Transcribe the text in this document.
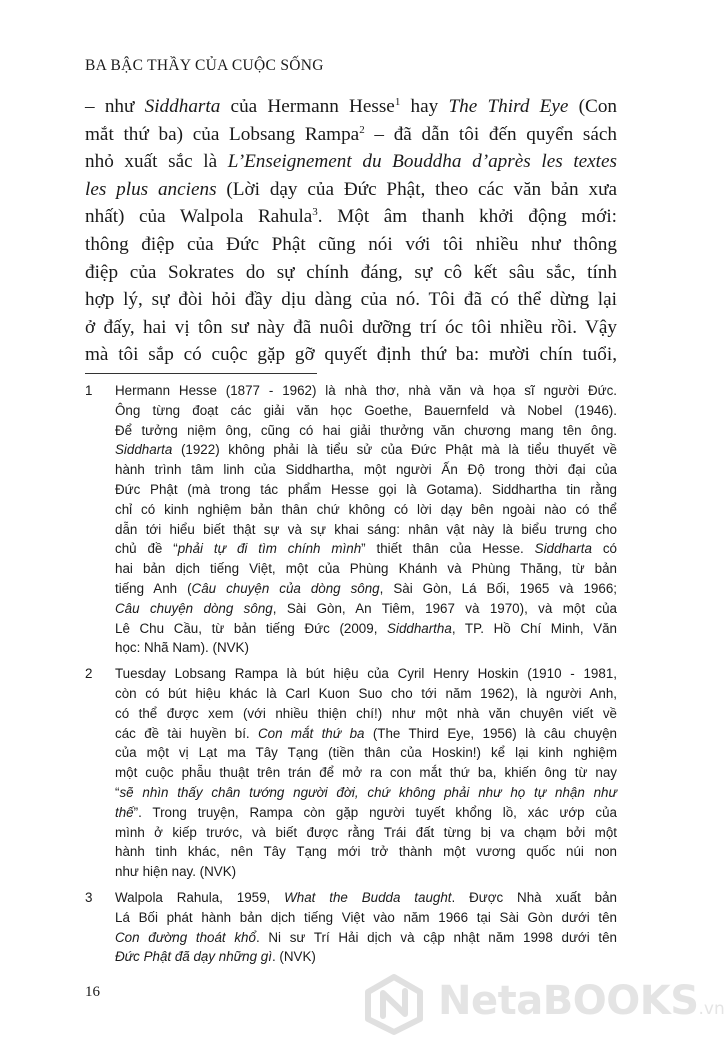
BA BẬC THẦY CỦA CUỘC SỐNG
– như Siddharta của Hermann Hesse$^1$ hay The Third Eye (Con
mắt thứ ba) của Lobsang Rampa$^2$ – đã dẫn tôi đến quyển sách
nhỏ xuất sắc là L’Enseignement du Bouddha d’après les textes
les plus anciens (Lời dạy của Đức Phật, theo các văn bản xưa
nhất) của Walpola Rahula$^3$. Một âm thanh khởi động mới:
thông điệp của Đức Phật cũng nói với tôi nhiều như thông
điệp của Sokrates do sự chính đáng, sự cô kết sâu sắc, tính
hợp lý, sự đòi hỏi đầy dịu dàng của nó. Tôi đã có thể dừng lại
ở đấy, hai vị tôn sư này đã nuôi dưỡng trí óc tôi nhiều rồi. Vậy
mà tôi sắp có cuộc gặp gỡ quyết định thứ ba: mười chín tuổi,
1 Hermann Hesse (1877 - 1962) là nhà thơ, nhà văn và họa sĩ người Đức.
Ông từng đoạt các giải văn học Goethe, Bauernfeld và Nobel (1946).
Để tưởng niệm ông, cũng có hai giải thưởng văn chương mang tên ông.
Siddharta (1922) không phải là tiểu sử của Đức Phật mà là tiểu thuyết về
hành trình tâm linh của Siddhartha, một người Ấn Độ trong thời đại của
Đức Phật (mà trong tác phẩm Hesse gọi là Gotama). Siddhartha tin rằng
chỉ có kinh nghiệm bản thân chứ không có lời dạy bên ngoài nào có thể
dẫn tới hiểu biết thật sự và sự khai sáng: nhân vật này là biểu trưng cho
chủ đề “phải tự đi tìm chính mình” thiết thân của Hesse. Siddharta có
hai bản dịch tiếng Việt, một của Phùng Khánh và Phùng Thăng, từ bản
tiếng Anh (Câu chuyện của dòng sông, Sài Gòn, Lá Bối, 1965 và 1966;
Câu chuyện dòng sông, Sài Gòn, An Tiêm, 1967 và 1970), và một của
Lê Chu Cầu, từ bản tiếng Đức (2009, Siddhartha, TP. Hồ Chí Minh, Văn
học: Nhã Nam). (NVK)
2 Tuesday Lobsang Rampa là bút hiệu của Cyril Henry Hoskin (1910 - 1981,
còn có bút hiệu khác là Carl Kuon Suo cho tới năm 1962), là người Anh,
có thể được xem (với nhiều thiện chí!) như một nhà văn chuyên viết về
các đề tài huyền bí. Con mắt thứ ba (The Third Eye, 1956) là câu chuyện
của một vị Lạt ma Tây Tạng (tiền thân của Hoskin!) kể lại kinh nghiệm
một cuộc phẫu thuật trên trán để mở ra con mắt thứ ba, khiến ông từ nay
“sẽ nhìn thấy chân tướng người đời, chứ không phải như họ tự nhận như
thế”. Trong truyện, Rampa còn gặp người tuyết khổng lồ, xác ướp của
mình ở kiếp trước, và biết được rằng Trái đất từng bị va chạm bởi một
hành tinh khác, nên Tây Tạng mới trở thành một vương quốc núi non
như hiện nay. (NVK)
3 Walpola Rahula, 1959, What the Budda taught. Được Nhà xuất bản
Lá Bối phát hành bản dịch tiếng Việt vào năm 1966 tại Sài Gòn dưới tên
Con đường thoát khổ. Ni sư Trí Hải dịch và cập nhật năm 1998 dưới tên
Đức Phật đã dạy những gì. (NVK)
16	NetaBOOKS.vn
